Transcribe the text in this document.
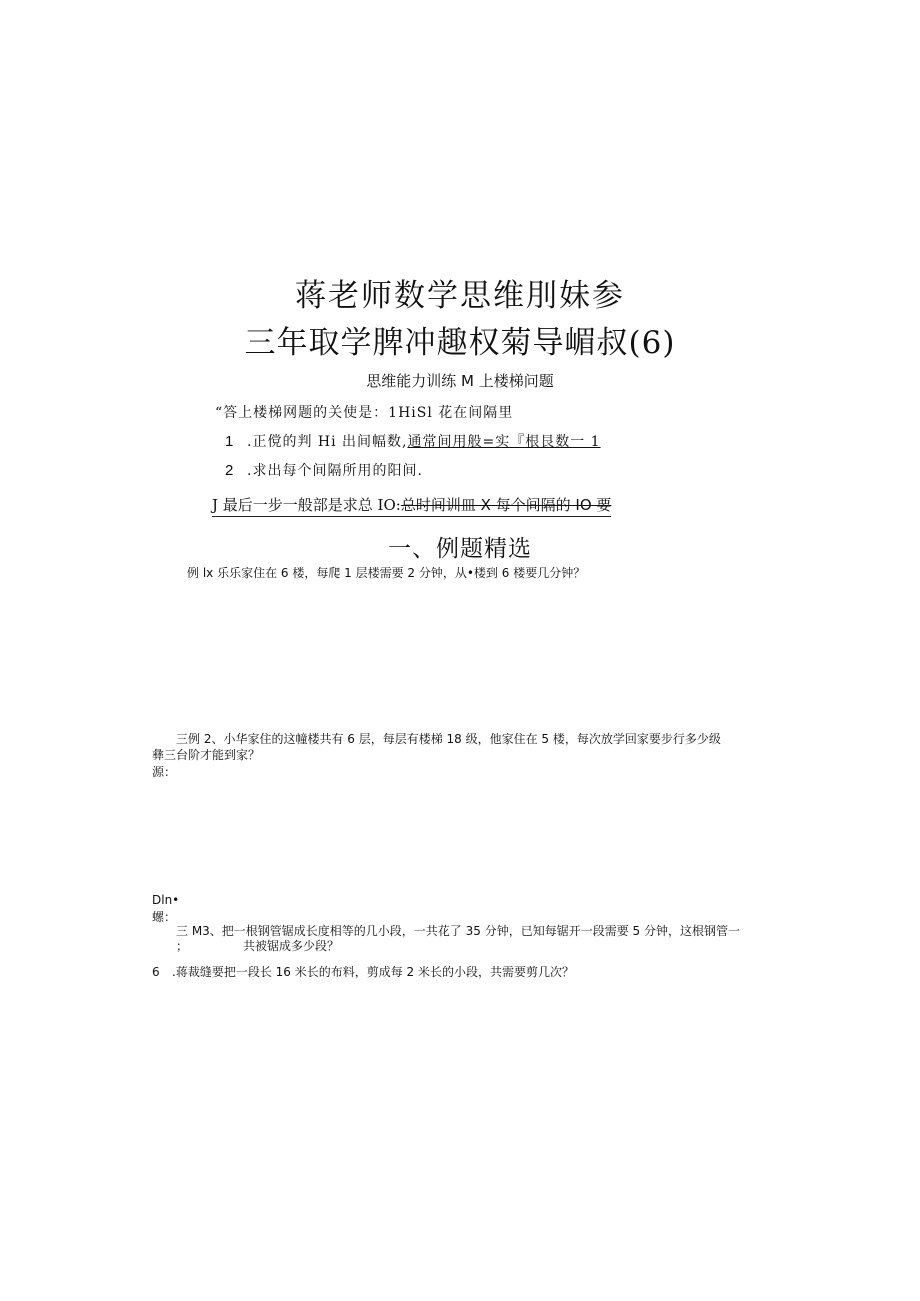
蒋老师数学思维刖妹参
三年取学脾冲趣权菊导嵋叔(6)
思维能力训练 M 上楼梯问题
“答上楼梯网题的关使是：1HiSl 花在间隔里
1 .正傥的判 Hi 出间幅数,通常间用般=实『根艮数一 1
2 .求出每个间隔所用的阳间.
J 最后一步一般部是求总 IO:总时间训皿 X 每个间隔的 IO 要
一、例题精选
例 lx 乐乐家住在 6 楼，每爬 1 层楼需要 2 分钟，从•楼到 6 楼要几分钟？
三例 2、小华家住的这幢楼共有 6 层，每层有楼梯 18 级，他家住在 5 楼，每次放学回家要步行多少级
彝三台阶才能到家？
源：
Dln•
螺：
三 M3、把一根钢管锯成长度相等的几小段，一共花了 35 分钟，已知每锯开一段需要 5 分钟，这根钢管一
；	共被锯成多少段？
6 .蒋裁缝要把一段长 16 米长的布料，剪成每 2 米长的小段，共需要剪几次？
